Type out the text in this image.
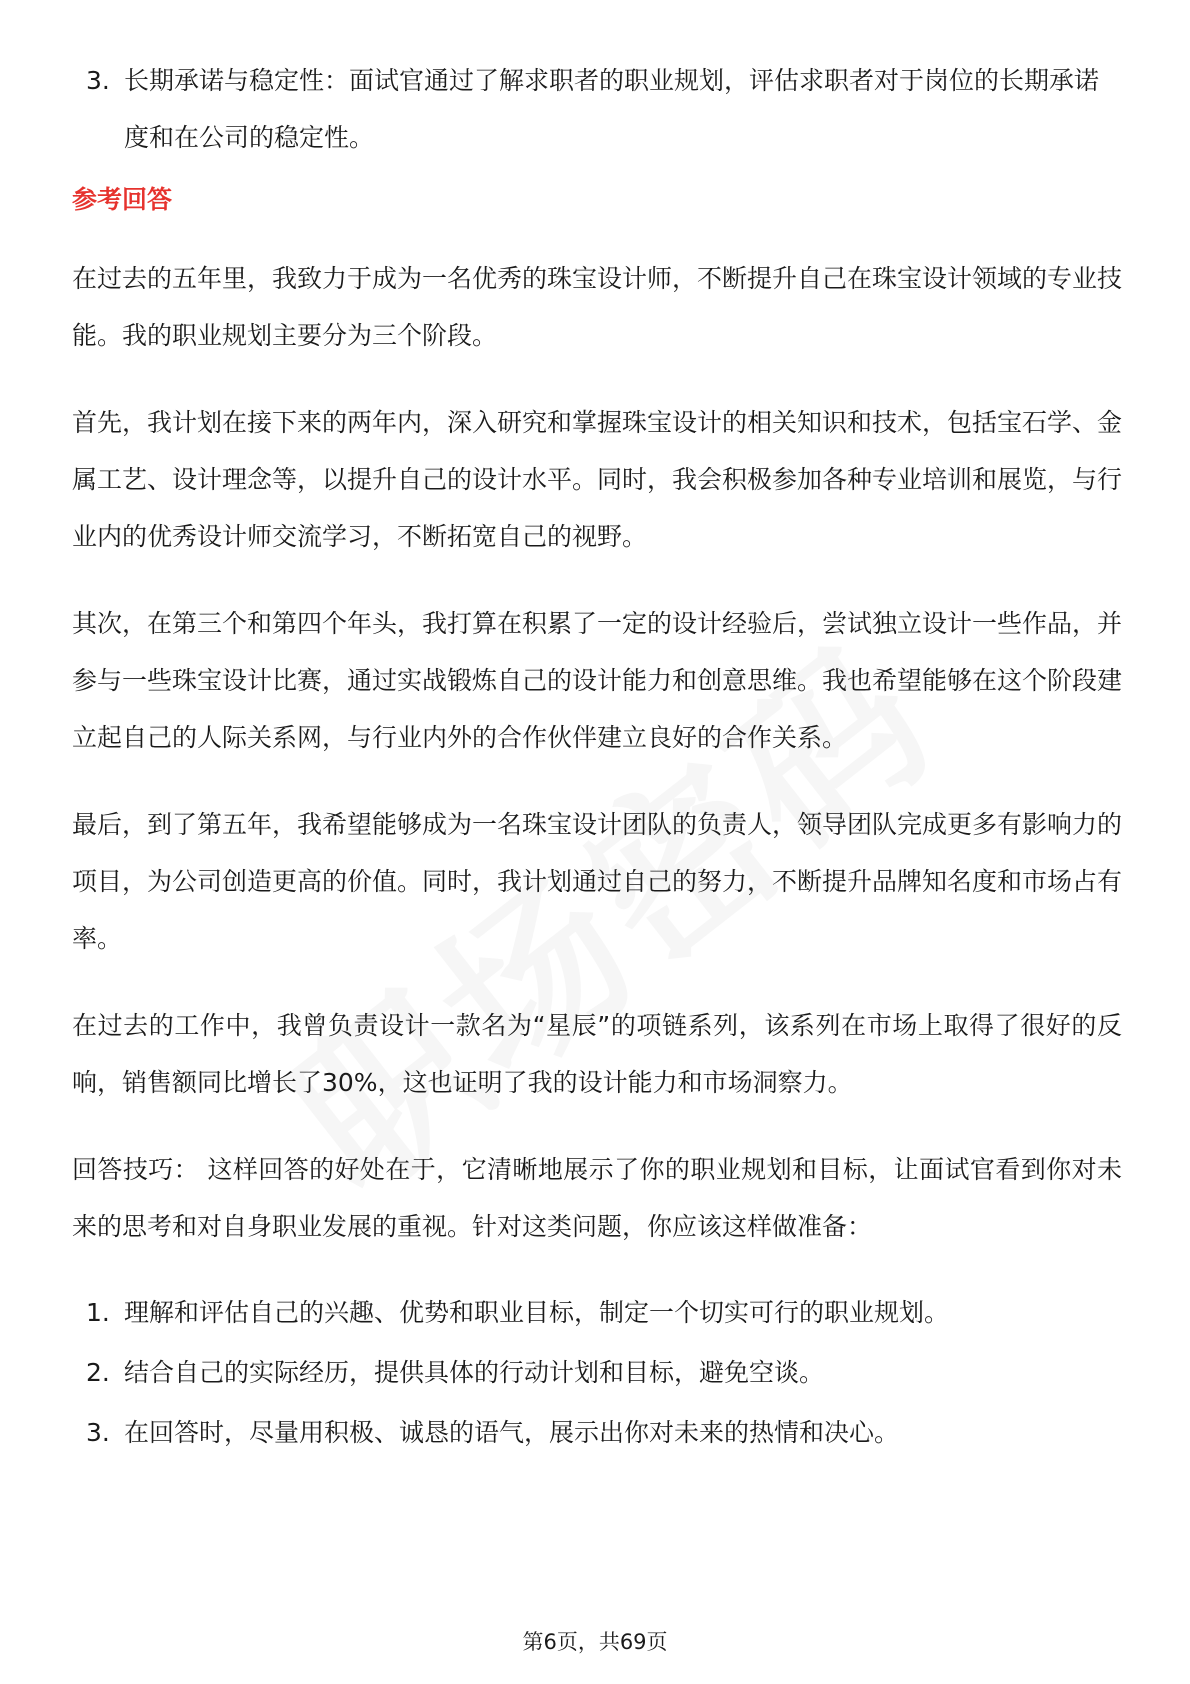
3. 长期承诺与稳定性：面试官通过了解求职者的职业规划，评估求职者对于岗位的长期承诺度和在公司的稳定性。
参考回答

在过去的五年里，我致力于成为一名优秀的珠宝设计师，不断提升自己在珠宝设计领域的专业技能。我的职业规划主要分为三个阶段。

首先，我计划在接下来的两年内，深入研究和掌握珠宝设计的相关知识和技术，包括宝石学、金属工艺、设计理念等，以提升自己的设计水平。同时，我会积极参加各种专业培训和展览，与行业内的优秀设计师交流学习，不断拓宽自己的视野。

其次，在第三个和第四个年头，我打算在积累了一定的设计经验后，尝试独立设计一些作品，并参与一些珠宝设计比赛，通过实战锻炼自己的设计能力和创意思维。我也希望能够在这个阶段建立起自己的人际关系网，与行业内外的合作伙伴建立良好的合作关系。

最后，到了第五年，我希望能够成为一名珠宝设计团队的负责人，领导团队完成更多有影响力的项目，为公司创造更高的价值。同时，我计划通过自己的努力，不断提升品牌知名度和市场占有率。

在过去的工作中，我曾负责设计一款名为“星辰”的项链系列，该系列在市场上取得了很好的反响，销售额同比增长了30%，这也证明了我的设计能力和市场洞察力。

回答技巧： 这样回答的好处在于，它清晰地展示了你的职业规划和目标，让面试官看到你对未来的思考和对自身职业发展的重视。针对这类问题，你应该这样做准备：

1. 理解和评估自己的兴趣、优势和职业目标，制定一个切实可行的职业规划。
2. 结合自己的实际经历，提供具体的行动计划和目标，避免空谈。
3. 在回答时，尽量用积极、诚恳的语气，展示出你对未来的热情和决心。
第6页，共69页
